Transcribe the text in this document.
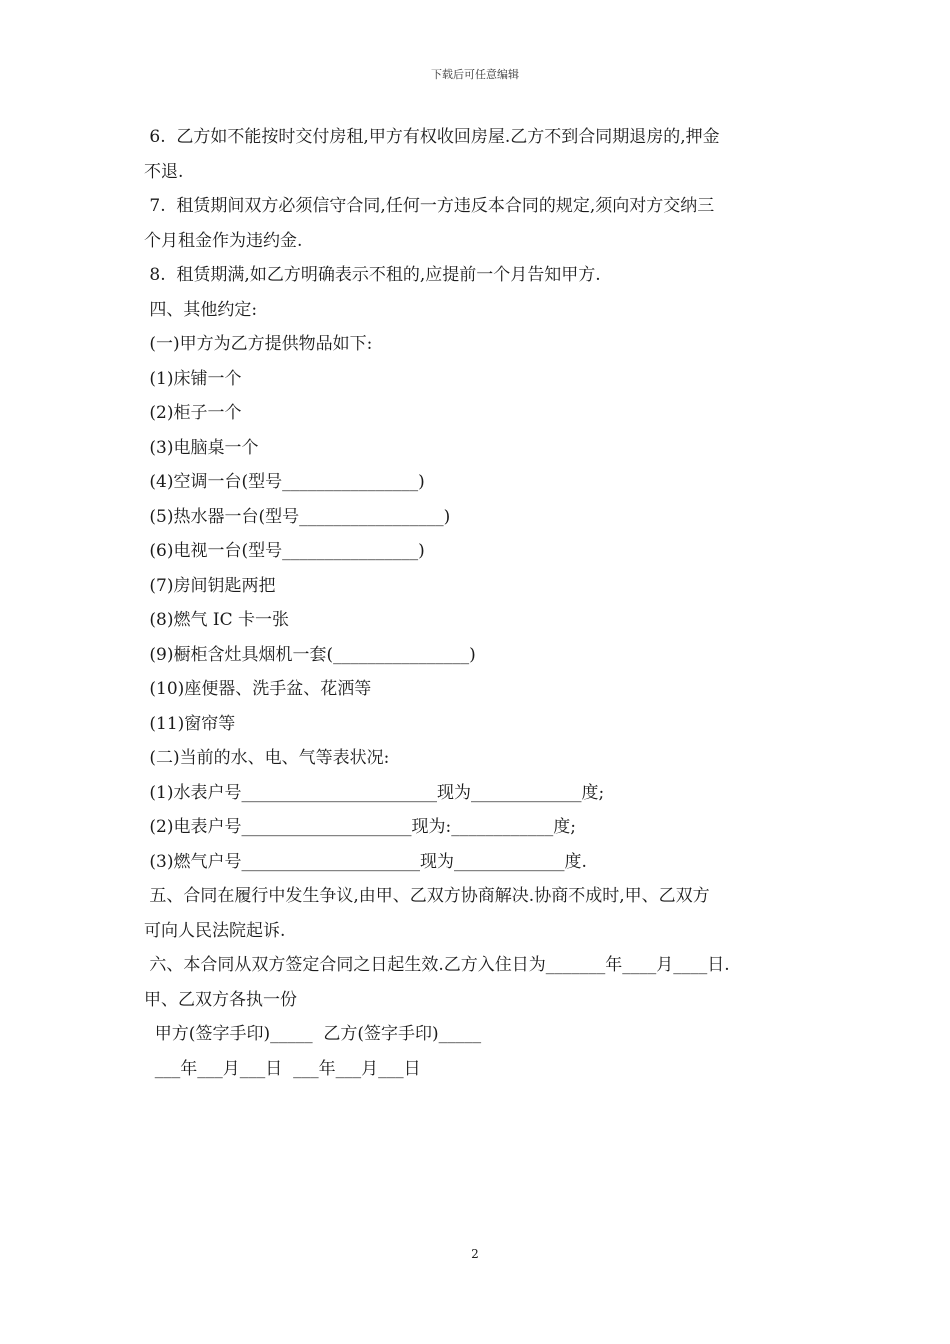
下载后可任意编辑
6.  乙方如不能按时交付房租,甲方有权收回房屋.乙方不到合同期退房的,押金
不退.
7.  租赁期间双方必须信守合同,任何一方违反本合同的规定,须向对方交纳三
个月租金作为违约金.
8.  租赁期满,如乙方明确表示不租的,应提前一个月告知甲方.
四、其他约定:
(一)甲方为乙方提供物品如下:
(1)床铺一个
(2)柜子一个
(3)电脑桌一个
(4)空调一台(型号________________)
(5)热水器一台(型号_________________)
(6)电视一台(型号________________)
(7)房间钥匙两把
(8)燃气 IC 卡一张
(9)橱柜含灶具烟机一套(________________)
(10)座便器、洗手盆、花洒等
(11)窗帘等
(二)当前的水、电、气等表状况:
(1)水表户号_______________________现为_____________度;
(2)电表户号____________________现为:____________度;
(3)燃气户号_____________________现为_____________度.
五、合同在履行中发生争议,由甲、乙双方协商解决.协商不成时,甲、乙双方
可向人民法院起诉.
六、本合同从双方签定合同之日起生效.乙方入住日为_______年____月____日.
甲、乙双方各执一份
甲方(签字手印)_____  乙方(签字手印)_____
___年___月___日  ___年___月___日
2
